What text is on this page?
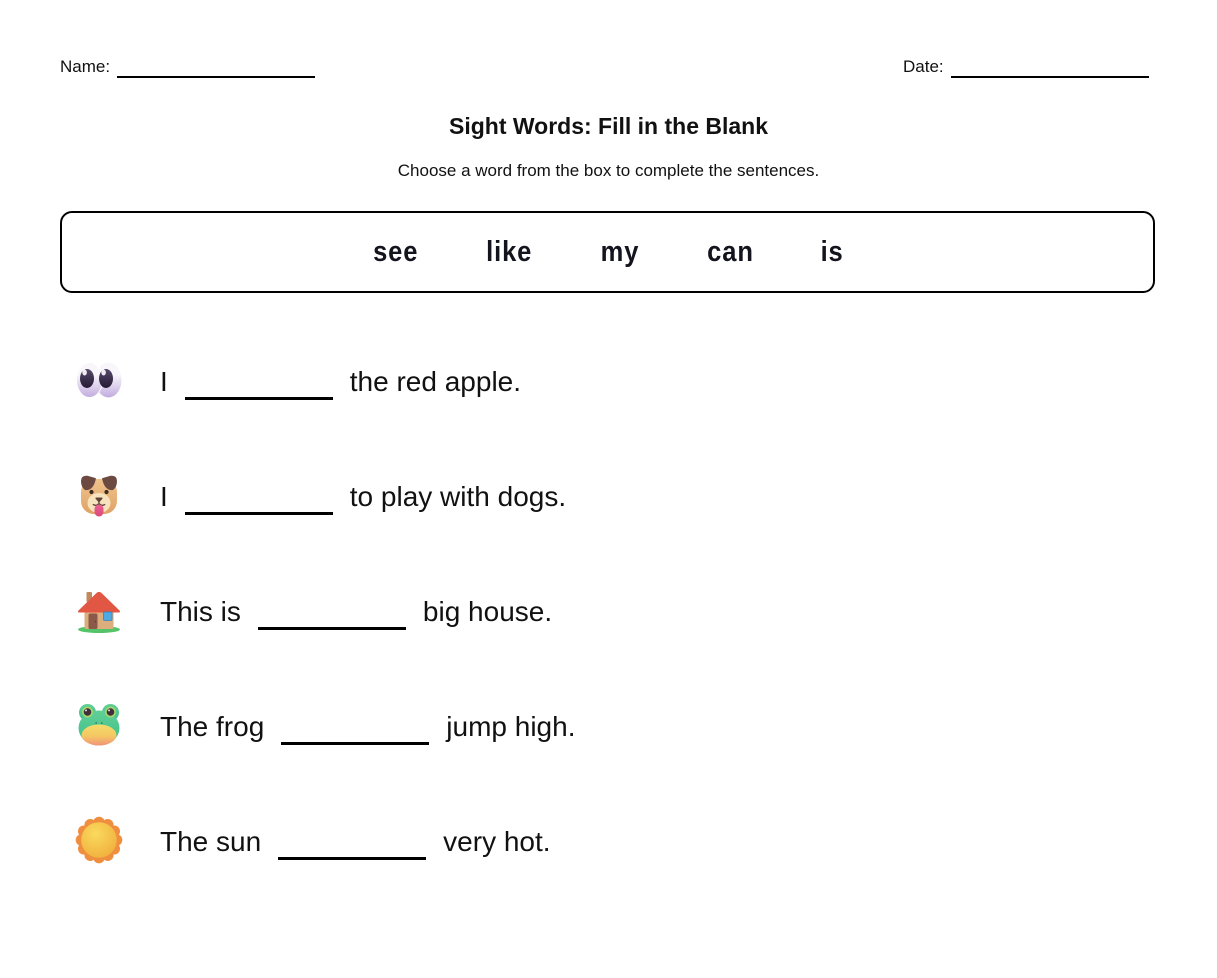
Name:	Date:
Sight Words: Fill in the Blank

Choose a word from the box to complete the sentences.

see like my can is
I	the red apple.
I	to play with dogs.
This is	big house.
The frog	jump high.
The sun	very hot.
